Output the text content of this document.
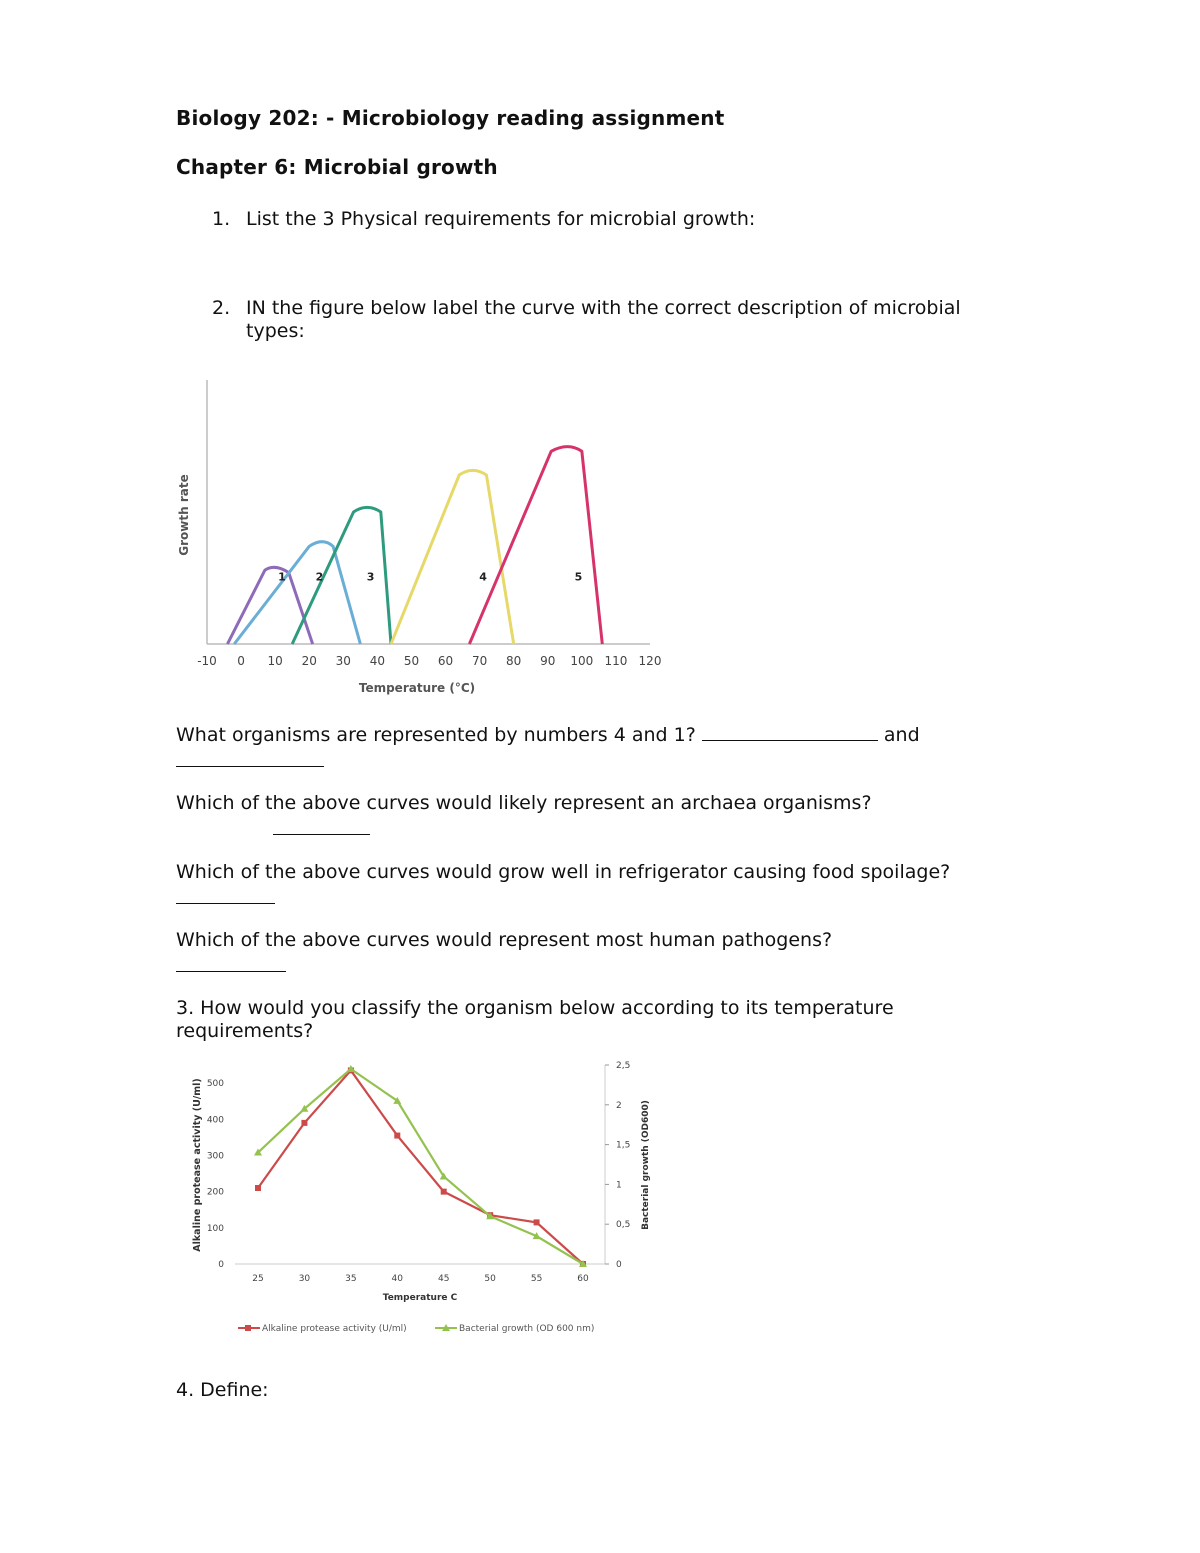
Biology 202: - Microbiology reading assignment
Chapter 6: Microbial growth
1. List the 3 Physical requirements for microbial growth:
2. IN the figure below label the curve with the correct description of microbial
types:
-10 0 10 20 30 40 50 60 70 80 90 100 110 120
1	2	3	4	5
Growth rate
Temperature (°C)
What organisms are represented by numbers 4 and 1?	and
Which of the above curves would likely represent an archaea organisms?
Which of the above curves would grow well in refrigerator causing food spoilage?
Which of the above curves would represent most human pathogens?
3. How would you classify the organism below according to its temperature
requirements?
25	30	35	40	45	50	55	60
0
100
200
300
400
500
0
0,5
1
1,5
2
2,5
Alkaline protease activity (U/ml)	Bacterial growth (OD600)
Temperature C
Alkaline protease activity (U/ml)	Bacterial growth (OD 600 nm)
4. Define:
